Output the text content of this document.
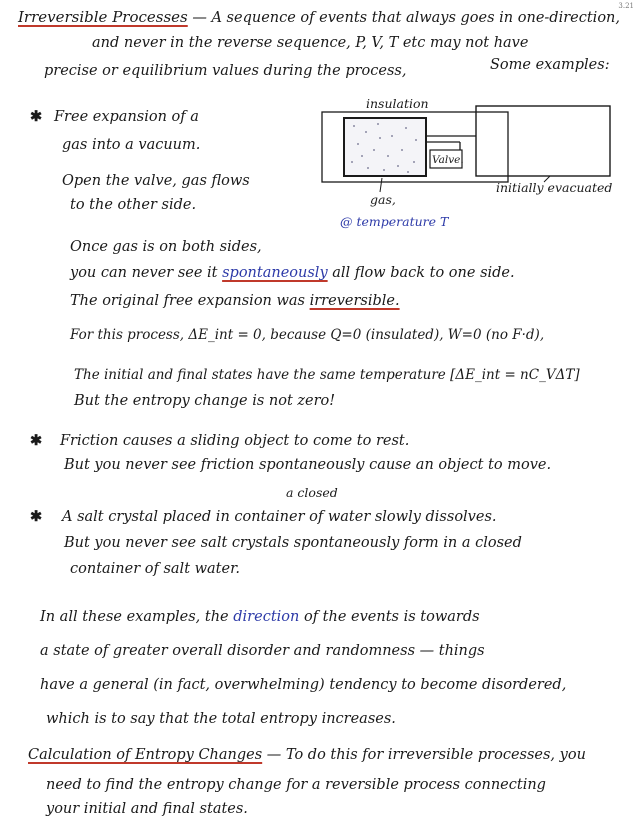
3.21
Irreversible Processes — A sequence of events that always goes in one-direction,
and never in the reverse sequence, P, V, T etc may not have
precise or equilibrium values during the process,	Some examples:
✱ Free expansion of a
gas into a vacuum.
Open the valve, gas flows
to the other side.
insulation
Valve.
gas,
@ temperature T
initially evacuated
Once gas is on both sides,
you can never see it spontaneously all flow back to one side.
The original free expansion was irreversible.
For this process, ΔE_int = 0, because Q=0 (insulated), W=0 (no F·d),
The initial and final states have the same temperature [ΔE_int = nC_VΔT]
But the entropy change is not zero!
✱ Friction causes a sliding object to come to rest.
But you never see friction spontaneously cause an object to move.
a closed
✱ A salt crystal placed in container of water slowly dissolves.
But you never see salt crystals spontaneously form in a closed
container of salt water.
In all these examples, the direction of the events is towards
a state of greater overall disorder and randomness — things
have a general (in fact, overwhelming) tendency to become disordered,
which is to say that the total entropy increases.
Calculation of Entropy Changes — To do this for irreversible processes, you
need to find the entropy change for a reversible process connecting
your initial and final states.
